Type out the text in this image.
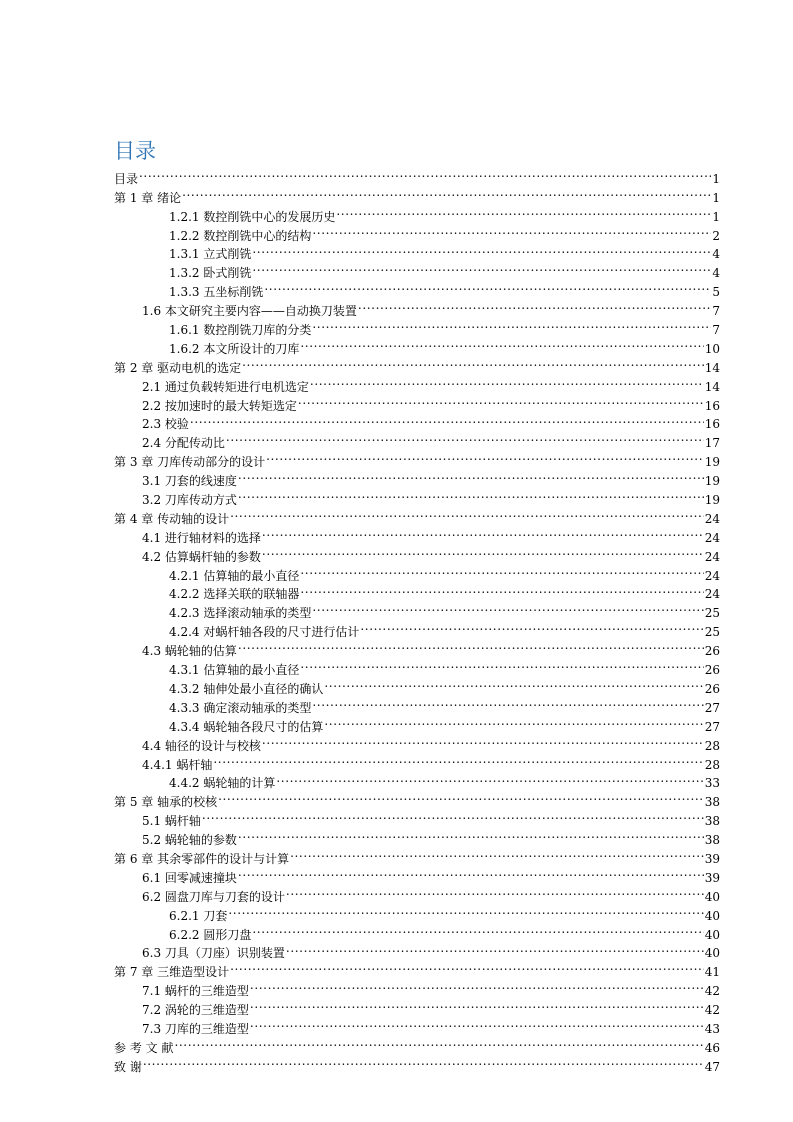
目录
目录 .....	1
第 1 章 绪论 .....	1
1.2.1 数控削铣中心的发展历史 .....	1
1.2.2 数控削铣中心的结构 .....	2
1.3.1 立式削铣 .....	4
1.3.2 卧式削铣 .....	4
1.3.3 五坐标削铣 .....	5
1.6 本文研究主要内容——自动换刀装置 .....	7
1.6.1 数控削铣刀库的分类 .....	7
1.6.2 本文所设计的刀库 .....	10
第 2 章 驱动电机的选定 .....	14
2.1 通过负载转矩进行电机选定 .....	14
2.2 按加速时的最大转矩选定 .....	16
2.3 校验 .....	16
2.4 分配传动比 .....	17
第 3 章 刀库传动部分的设计 .....	19
3.1 刀套的线速度 .....	19
3.2 刀库传动方式 .....	19
第 4 章 传动轴的设计 .....	24
4.1 进行轴材料的选择 .....	24
4.2 估算蜗杆轴的参数 .....	24
4.2.1 估算轴的最小直径 .....	24
4.2.2 选择关联的联轴器 .....	24
4.2.3 选择滚动轴承的类型 .....	25
4.2.4 对蜗杆轴各段的尺寸进行估计 .....	25
4.3 蜗轮轴的估算 .....	26
4.3.1 估算轴的最小直径 .....	26
4.3.2 轴伸处最小直径的确认 .....	26
4.3.3 确定滚动轴承的类型 .....	27
4.3.4 蜗轮轴各段尺寸的估算 .....	27
4.4 轴径的设计与校核 .....	28
4.4.1 蜗杆轴 .....	28
4.4.2 蜗轮轴的计算 .....	33
第 5 章 轴承的校核 .....	38
5.1 蜗杆轴 .....	38
5.2 蜗轮轴的参数 .....	38
第 6 章 其余零部件的设计与计算 .....	39
6.1 回零减速撞块 .....	39
6.2 圆盘刀库与刀套的设计 .....	40
6.2.1 刀套 .....	40
6.2.2 圆形刀盘 .....	40
6.3 刀具（刀座）识别装置 .....	40
第 7 章 三维造型设计 .....	41
7.1 蜗杆的三维造型 .....	42
7.2 涡轮的三维造型 .....	42
7.3 刀库的三维造型 .....	43
参 考 文 献 .....	46
致 谢 .....	47
